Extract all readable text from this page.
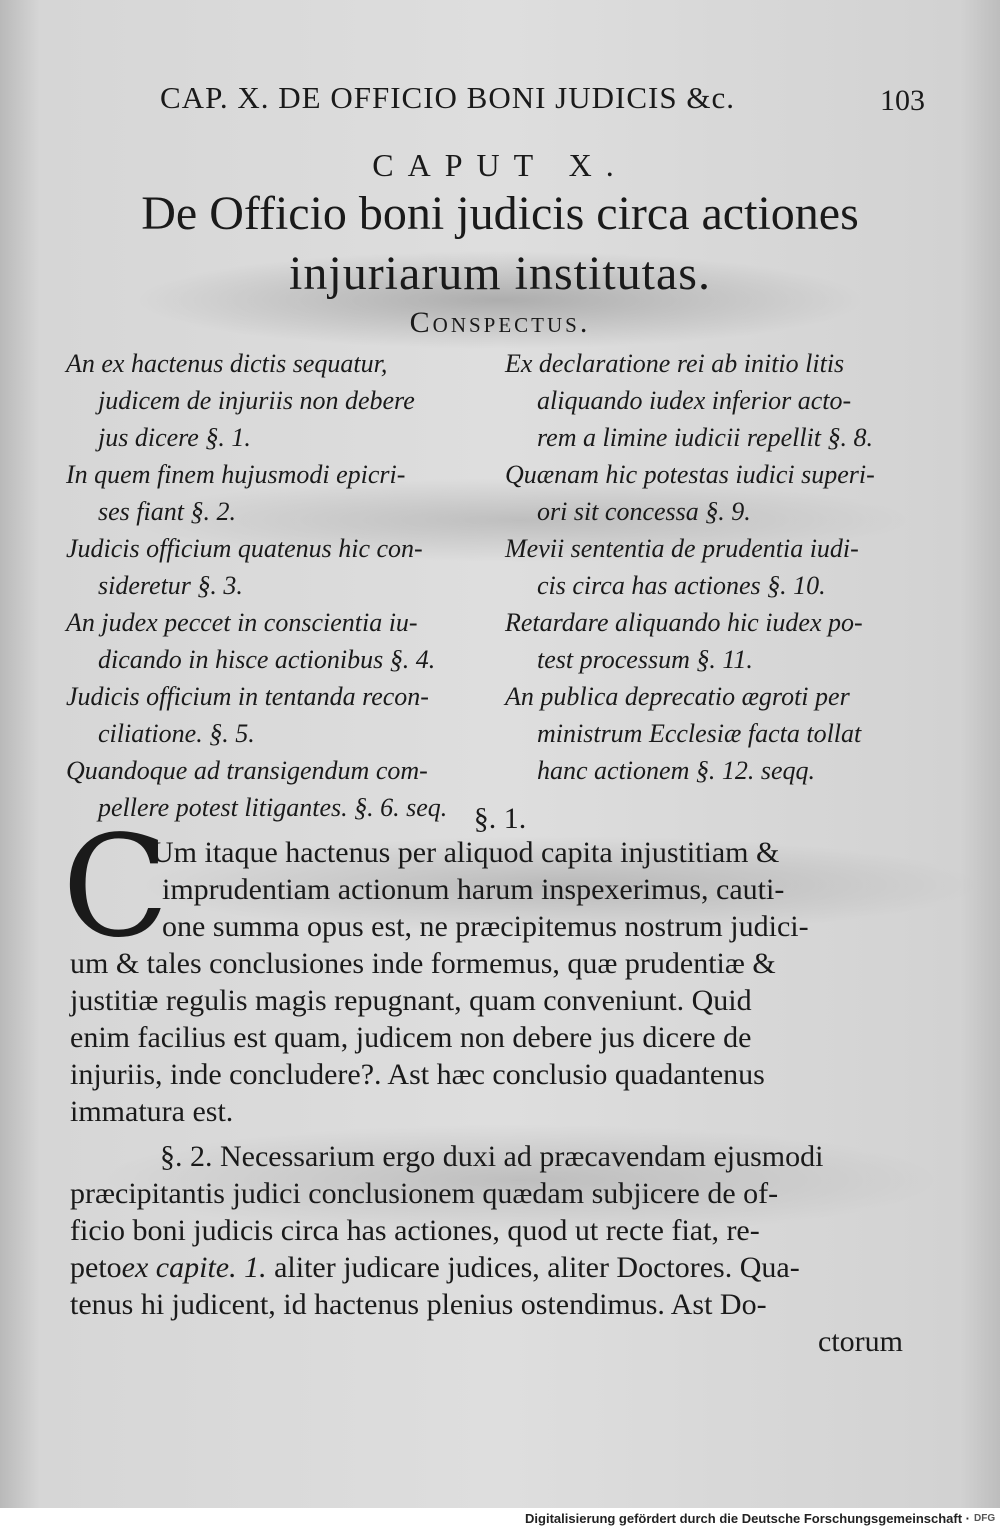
CAP. X. DE OFFICIO BONI JUDICIS &c.	103
CAPUT X.
De Officio boni judicis circa actiones
injuriarum institutas.
Conspectus.

An ex hactenus dictis sequatur,
judicem de injuriis non debere
jus dicere §. 1.

In quem finem hujusmodi epicri-
ses fiant §. 2.

Judicis officium quatenus hic con-
sideretur §. 3.

An judex peccet in conscientia iu-
dicando in hisce actionibus §. 4.

Judicis officium in tentanda recon-
ciliatione. §. 5.

Quandoque ad transigendum com-
pellere potest litigantes. §. 6. seq.

Ex declaratione rei ab initio litis
aliquando iudex inferior acto-
rem a limine iudicii repellit §. 8.

Quænam hic potestas iudici superi-
ori sit concessa §. 9.

Mevii sententia de prudentia iudi-
cis circa has actiones §. 10.

Retardare aliquando hic iudex po-
test processum §. 11.

An publica deprecatio ægroti per
ministrum Ecclesiæ facta tollat
hanc actionem §. 12. seqq.

§. 1.
C
Um itaque hactenus per aliquod capita injustitiam &
imprudentiam actionum harum inspexerimus, cauti-
one summa opus est, ne præcipitemus nostrum judici-
um & tales conclusiones inde formemus, quæ prudentiæ &
justitiæ regulis magis repugnant, quam conveniunt. Quid
enim facilius est quam, judicem non debere jus dicere de
injuriis, inde concludere?. Ast hæc conclusio quadantenus
immatura est.
§. 2. Necessarium ergo duxi ad præcavendam ejusmodi
præcipitantis judici conclusionem quædam subjicere de of-
ficio boni judicis circa has actiones, quod ut recte fiat, re-
petoex capite. 1. aliter judicare judices, aliter Doctores. Qua-
tenus hi judicent, id hactenus plenius ostendimus. Ast Do-
ctorum
Digitalisierung gefördert durch die Deutsche Forschungsgemeinschaft · DFG
